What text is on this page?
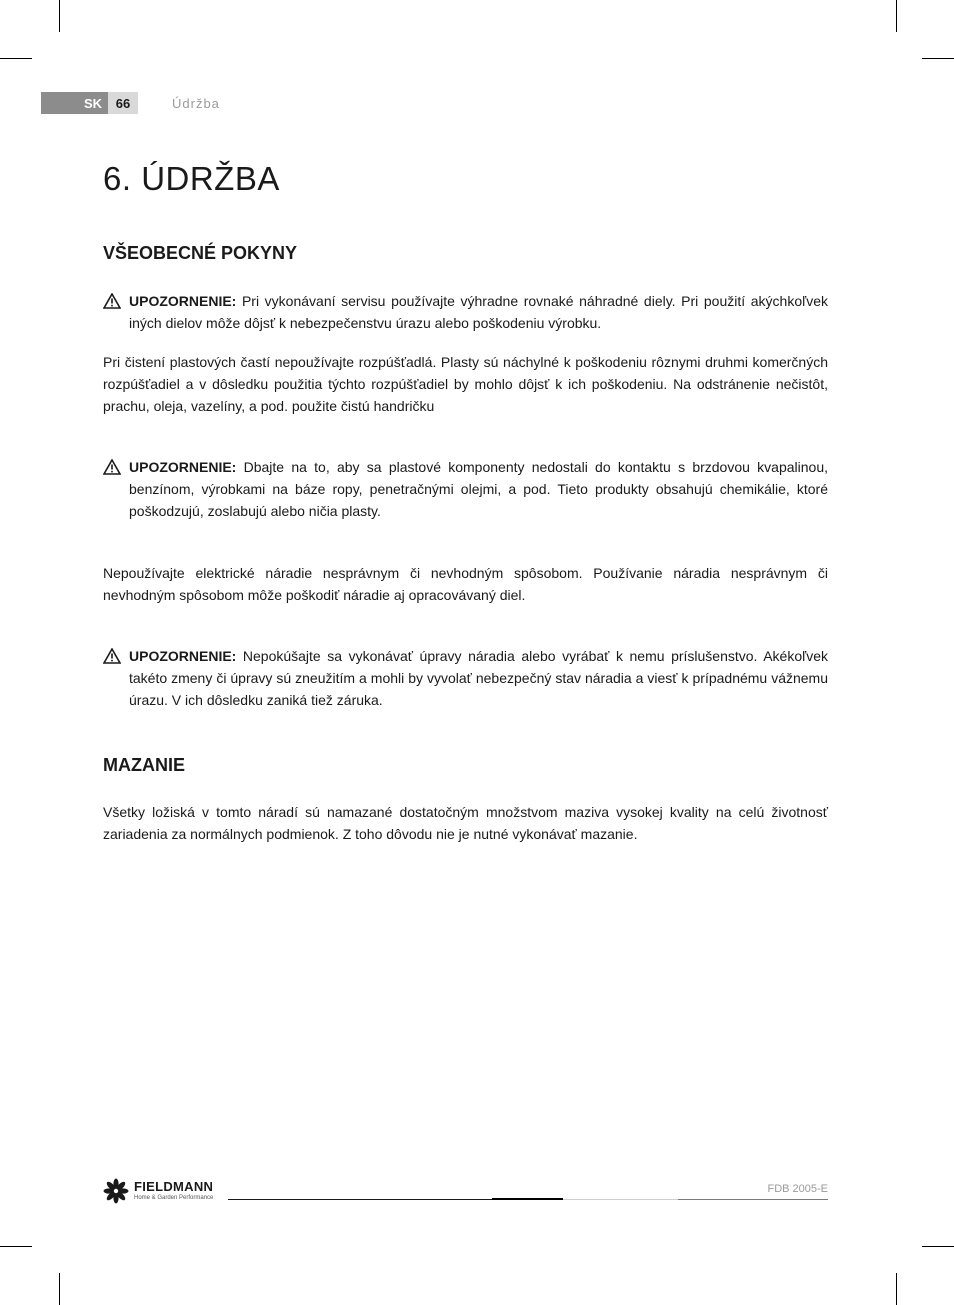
SK	66	Údržba
6. ÚDRŽBA
VŠEOBECNÉ POKYNY

UPOZORNENIE: Pri vykonávaní servisu používajte výhradne rovnaké náhradné diely. Pri použití akýchkoľvek iných dielov môže dôjsť k nebezpečenstvu úrazu alebo poškodeniu výrobku.

Pri čistení plastových častí nepoužívajte rozpúšťadlá. Plasty sú náchylné k poškodeniu rôznymi druhmi komerčných rozpúšťadiel a v dôsledku použitia týchto rozpúšťadiel by mohlo dôjsť k ich poškodeniu. Na odstránenie nečistôt, prachu, oleja, vazelíny, a pod. použite čistú handričku

UPOZORNENIE: Dbajte na to, aby sa plastové komponenty nedostali do kontaktu s brzdovou kvapalinou, benzínom, výrobkami na báze ropy, penetračnými olejmi, a pod. Tieto produkty obsahujú chemikálie, ktoré poškodzujú, zoslabujú alebo ničia plasty.

Nepoužívajte elektrické náradie nesprávnym či nevhodným spôsobom. Používanie náradia nesprávnym či nevhodným spôsobom môže poškodiť náradie aj opracovávaný diel.

UPOZORNENIE: Nepokúšajte sa vykonávať úpravy náradia alebo vyrábať k nemu príslušenstvo. Akékoľvek takéto zmeny či úpravy sú zneužitím a mohli by vyvolať nebezpečný stav náradia a viesť k prípadnému vážnemu úrazu. V ich dôsledku zaniká tiež záruka.

MAZANIE

Všetky ložiská v tomto náradí sú namazané dostatočným množstvom maziva vysokej kvality na celú životnosť zariadenia za normálnych podmienok. Z toho dôvodu nie je nutné vykonávať mazanie.

FIELDMANN
Home & Garden Performance
FDB 2005-E
